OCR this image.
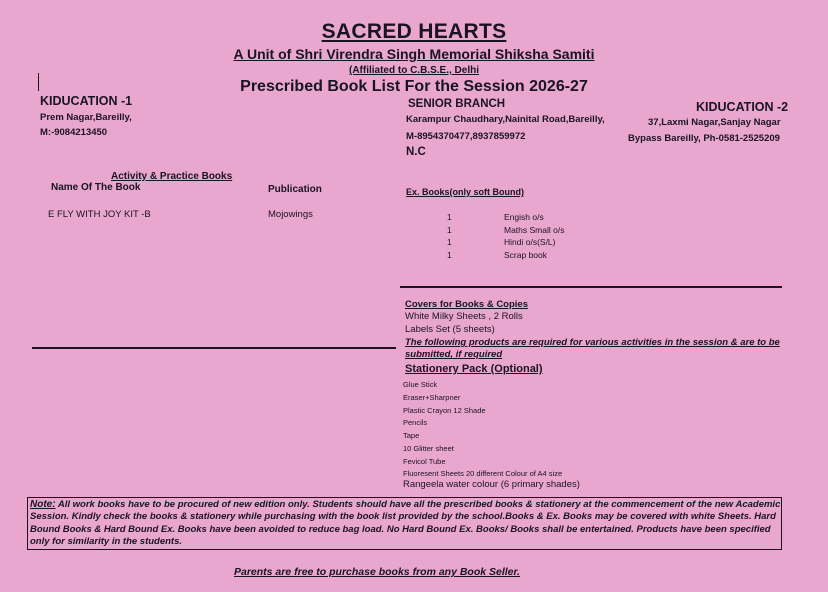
SACRED HEARTS
A Unit of Shri Virendra Singh Memorial Shiksha Samiti
(Affiliated to C.B.S.E., Delhi
Prescribed Book List For the Session 2026-27
KIDUCATION -1
Prem Nagar,Bareilly,
M:-9084213450
SENIOR BRANCH
Karampur Chaudhary,Nainital Road,Bareilly,
M-8954370477,8937859972
KIDUCATION -2
37,Laxmi Nagar,Sanjay Nagar
Bypass Bareilly, Ph-0581-2525209
N.C
Activity & Practice Books
Name Of The Book	Publication
E FLY WITH JOY KIT -B	Mojowings
Ex. Books(only soft Bound)
1	Engish o/s
1	Maths Small o/s
1	Hindi o/s(S/L)
1	Scrap book
Covers for Books & Copies
White Milky Sheets , 2 Rolls
Labels Set (5 sheets)
The following products are required for various activities in the session & are to be submitted, if required
Stationery Pack (Optional)
Glue Stick
Eraser+Sharpner
Plastic Crayon 12 Shade
Pencils
Tape
10 Glitter sheet
Fevicol Tube
Fluoresent Sheets 20 different Colour of A4 size
Rangeela water colour (6 primary shades)
Note: All work books have to be procured of new edition only. Students should have all the prescribed books & stationery at the commencement of the new Academic Session. Kindly check the books & stationery while purchasing with the book list provided by the school.Books & Ex. Books may be covered with white Sheets. Hard Bound Books & Hard Bound Ex. Books have been avoided to reduce bag load. No Hard Bound Ex. Books/ Books shall be entertained. Products have been specified only for similarity in the students.
Parents are free to purchase books from any Book Seller.
